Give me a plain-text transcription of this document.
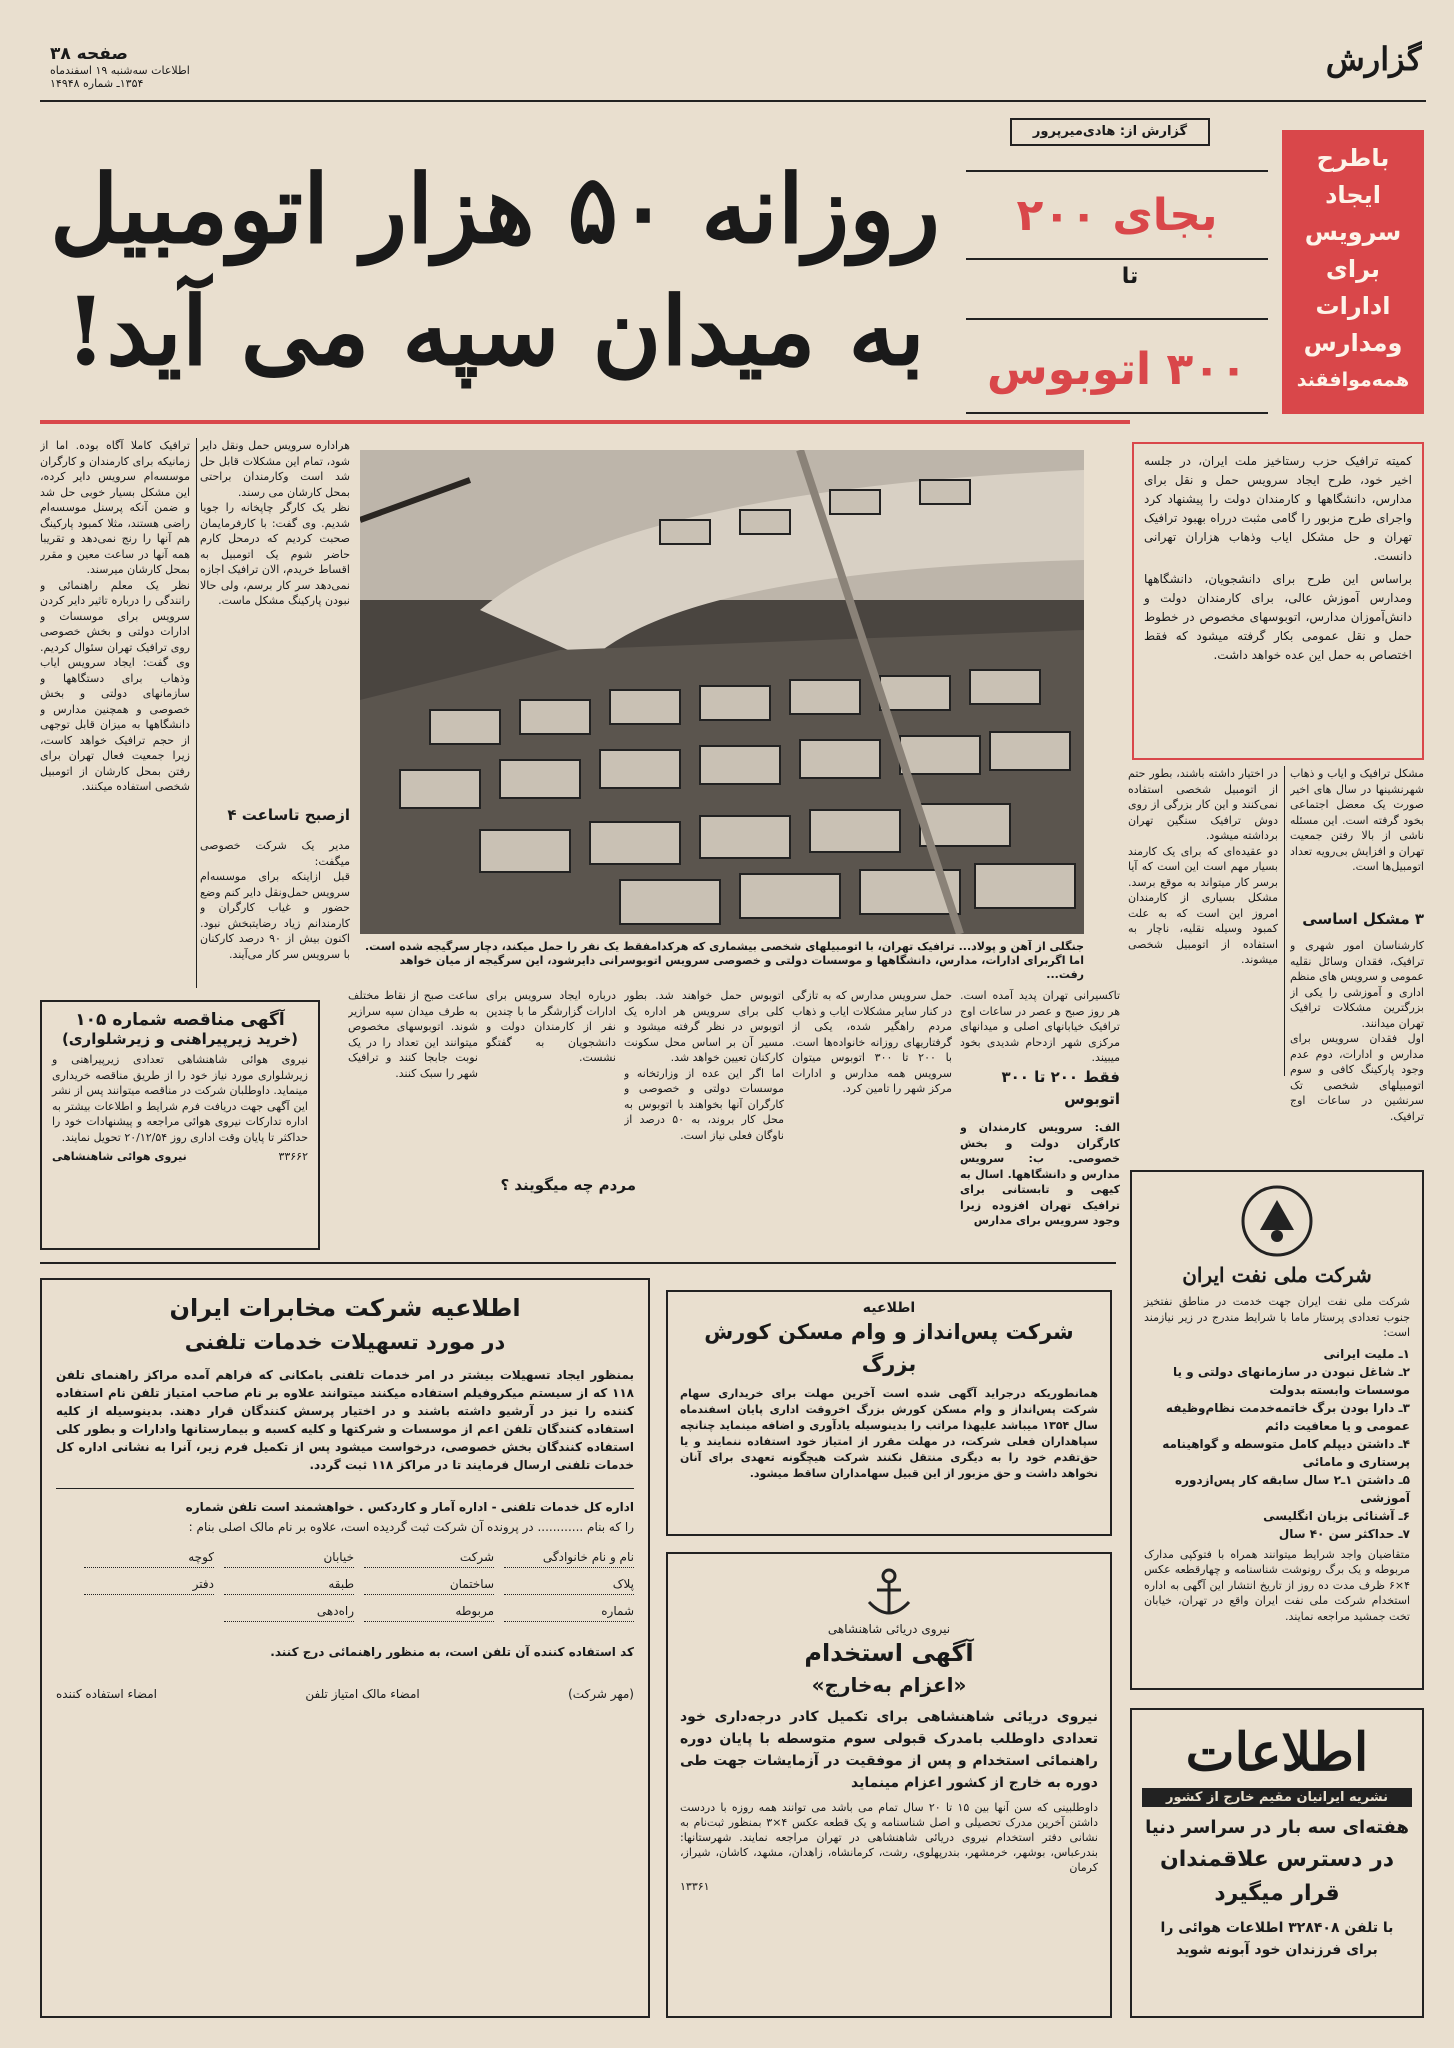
گزارش
صفحه ۳۸
اطلاعات سه‌شنبه ۱۹ اسفندماه
۱۳۵۴ـ شماره ۱۴۹۴۸
روزانه ۵۰ هزار اتومبیل
به میدان سپه می آید!
گزارش از: هادی‌میرپرور
بجای ۲۰۰
تا
۳۰۰ اتوبوس
باطرح
ایجاد
سرویس
برای
ادارات
ومدارس
همه‌موافقند

کمیته ترافیک حزب رستاخیز ملت ایران، در جلسه اخیر خود، طرح ایجاد سرویس حمل و نقل برای مدارس، دانشگاهها و کارمندان دولت را پیشنهاد کرد واجرای طرح مزبور را گامی مثبت درراه بهبود ترافیک تهران و حل مشکل ایاب وذهاب هزاران تهرانی دانست.

براساس این طرح برای دانشجویان، دانشگاهها ومدارس آموزش عالی، برای کارمندان دولت و دانش‌آموزان مدارس، اتوبوسهای مخصوص در خطوط حمل و نقل عمومی بکار گرفته میشود که فقط اختصاص به حمل این عده خواهد داشت.

جنگلی از آهن و پولاد... ترافیک تهران، با اتومبیلهای شخصی بیشماری که هرکدامفقط یک نفر را حمل میکند، دچار سرگیجه شده است. اما اگربرای ادارات، مدارس، دانشگاهها و موسسات دولتی و خصوصی سرویس اتوبوسرانی دایرشود، این سرگیجه از میان خواهد رفت...
ترافیک کاملا آگاه بوده. اما از زمانیکه برای کارمندان و کارگران موسسه‌ام سرویس دایر کرده، این مشکل بسیار خوبی حل شد و ضمن آنکه پرسنل موسسه‌ام راضی هستند، مثلا کمبود پارکینگ هم آنها را رنج نمی‌دهد و تقریبا همه آنها در ساعت معین و مقرر بمحل کارشان میرسند.
نظر یک معلم راهنمائی و رانندگی را درباره تاثیر دایر کردن سرویس برای موسسات و ادارات دولتی و بخش خصوصی روی ترافیک تهران سئوال کردیم. وی گفت: ایجاد سرویس ایاب وذهاب برای دستگاهها و سازمانهای دولتی و بخش خصوصی و همچنین مدارس و دانشگاهها به میزان قابل توجهی از حجم ترافیک خواهد کاست، زیرا جمعیت فعال تهران برای رفتن بمحل کارشان از اتومبیل شخصی استفاده میکنند.
هراداره سرویس حمل ونقل دایر شود، تمام این مشکلات قابل حل شد است وکارمندان براحتی بمحل کارشان می رسند.
نظر یک کارگر چاپخانه را جویا شدیم. وی گفت: با کارفرمایمان صحبت کردیم که درمحل کارم حاضر شوم یک اتومبیل به اقساط خریدم، الان ترافیک اجازه نمی‌دهد سر کار برسم، ولی حالا نبودن پارکینگ مشکل ماست.
ازصبح تاساعت ۴
مدیر یک شرکت خصوصی میگفت:
قبل ازاینکه برای موسسه‌ام سرویس حمل‌ونقل دایر کنم وضع حضور و غیاب کارگران و کارمندانم زیاد رضایتبخش نبود. اکنون بیش از ۹۰ درصد کارکنان با سرویس سر کار می‌آیند.
در اختیار داشته باشند، بطور حتم از اتومبیل شخصی استفاده نمی‌کنند و این کار بزرگی از روی دوش ترافیک سنگین تهران برداشته میشود.
دو عقیده‌ای که برای یک کارمند بسیار مهم است این است که آیا برسر کار میتواند به موقع برسد. مشکل بسیاری از کارمندان امروز این است که به علت کمبود وسیله نقلیه، ناچار به استفاده از اتومبیل شخصی میشوند.
مشکل ترافیک و ایاب و ذهاب شهرنشینها در سال های اخیر صورت یک معضل اجتماعی بخود گرفته است. این مسئله ناشی از بالا رفتن جمعیت تهران و افزایش بی‌رویه تعداد اتومبیل‌ها است.
۳ مشکل اساسی
کارشناسان امور شهری و ترافیک، فقدان وسائل نقلیه عمومی و سرویس های منظم اداری و آموزشی را یکی از بزرگترین مشکلات ترافیک تهران میدانند.
اول فقدان سرویس برای مدارس و ادارات، دوم عدم وجود پارکینگ کافی و سوم اتومبیلهای شخصی تک سرنشین در ساعات اوج ترافیک.
ساعت صبح از نقاط مختلف به طرف میدان سپه سرازیر شوند. اتوبوسهای مخصوص میتوانند این تعداد را در یک نوبت جابجا کنند و ترافیک شهر را سبک کنند.
درباره ایجاد سرویس برای ادارات گزارشگر ما با چندین نفر از کارمندان دولت و دانشجویان به گفتگو نشست.
مردم چه میگویند ؟
اتوبوس حمل خواهند شد. بطور کلی برای سرویس هر اداره یک اتوبوس در نظر گرفته میشود و مسیر آن بر اساس محل سکونت کارکنان تعیین خواهد شد.
اما اگر این عده از وزارتخانه و موسسات دولتی و خصوصی و کارگران آنها بخواهند با اتوبوس به محل کار بروند، به ۵۰ درصد از ناوگان فعلی نیاز است.
تاکسیرانی تهران پدید آمده است. هر روز صبح و عصر در ساعات اوج ترافیک خیابانهای اصلی و میدانهای مرکزی شهر ازدحام شدیدی بخود میبیند.
فقط ۲۰۰ تا ۳۰۰ اتوبوس
حمل سرویس مدارس که به تازگی در کنار سایر مشکلات ایاب و ذهاب مردم راهگیر شده، یکی از گرفتاریهای روزانه خانواده‌ها است. با ۲۰۰ تا ۳۰۰ اتوبوس میتوان سرویس همه مدارس و ادارات مرکز شهر را تامین کرد.
الف: سرویس کارمندان و کارگران دولت و بخش خصوصی. ب: سرویس مدارس و دانشگاهها. اسال به کیهی و تابستانی برای ترافیک تهران افزوده زیرا وجود سرویس برای مدارس
آگهی مناقصه شماره ۱۰۵
(خرید زیرپیراهنی و زیرشلواری)
نیروی هوائی شاهنشاهی تعدادی زیرپیراهنی و زیرشلواری مورد نیاز خود را از طریق مناقصه خریداری مینماید. داوطلبان شرکت در مناقصه میتوانند پس از نشر این آگهی جهت دریافت فرم شرایط و اطلاعات بیشتر به اداره تدارکات نیروی هوائی مراجعه و پیشنهادات خود را حداکثر تا پایان وقت اداری روز ۲۰/۱۲/۵۴ تحویل نمایند.
۳۳۶۶۲
نیروی هوائی شاهنشاهی
اطلاعیه شرکت مخابرات ایران
در مورد تسهیلات خدمات تلفنی
بمنظور ایجاد تسهیلات بیشتر در امر خدمات تلفنی بامکانی که فراهم آمده مراکز راهنمای تلفن ۱۱۸ که از سیستم میکروفیلم استفاده میکنند میتوانند علاوه بر نام صاحب امتیاز تلفن نام استفاده کننده را نیز در آرشیو داشته باشند و در اختیار پرسش کنندگان قرار دهند. بدینوسیله از کلیه استفاده کنندگان تلفن اعم از موسسات و شرکتها و کلیه کسبه و بیمارستانها وادارات و بطور کلی استفاده کنندگان بخش خصوصی، درخواست میشود پس از تکمیل فرم زیر، آنرا به نشانی اداره کل خدمات تلفنی ارسال فرمایند تا در مراکز ۱۱۸ ثبت گردد.
اداره کل خدمات تلفنی - اداره آمار و کاردکس . خواهشمند است تلفن شماره
را که بنام ............ در پرونده آن شرکت ثبت گردیده است، علاوه بر نام مالک اصلی بنام :
نام و نام خانوادگی
شرکت
خیابان
کوچه
پلاک
ساختمان
طبقه
دفتر
شماره
مربوطه
راه‌دهی
کد استفاده کننده آن تلفن است، به منظور راهنمائی درج کنند.
(مهر شرکت)
امضاء مالک امتیاز تلفن
امضاء استفاده کننده
اطلاعیه
شرکت پس‌انداز و وام مسکن کورش بزرگ
همانطوریکه درجراید آگهی شده است آخرین مهلت برای خریداری سهام شرکت پس‌انداز و وام مسکن کورش بزرگ اخروقت اداری پایان اسفندماه سال ۱۳۵۴ میباشد علیهذا مراتب را بدینوسیله یادآوری و اضافه مینماید چنانچه سپاهداران فعلی شرکت، در مهلت مقرر از امتیاز خود استفاده ننمایند و یا حق‌تقدم خود را به دیگری منتقل نکنند شرکت هیچگونه تعهدی برای آنان نخواهد داشت و حق مزبور از این قبیل سهامداران ساقط میشود.
نیروی دریائی شاهنشاهی
آگهی استخدام
«اعزام به‌خارج»
نیروی دریائی شاهنشاهی برای تکمیل کادر درجه‌داری خود تعدادی داوطلب بامدرک قبولی سوم متوسطه با پایان دوره راهنمائی استخدام و پس از موفقیت در آزمایشات جهت طی دوره به خارج از کشور اعزام مینماید
داوطلبینی که سن آنها بین ۱۵ تا ۲۰ سال تمام می باشد می توانند همه روزه با دردست داشتن آخرین مدرک تحصیلی و اصل شناسنامه و یک قطعه عکس ۴×۳ بمنظور ثبت‌نام به نشانی دفتر استخدام نیروی دریائی شاهنشاهی در تهران مراجعه نمایند. شهرستانها: بندرعباس، بوشهر، خرمشهر، بندرپهلوی، رشت، کرمانشاه، زاهدان، مشهد، کاشان، شیراز، کرمان
۱۳۳۶۱
شرکت ملی نفت ایران
شرکت ملی نفت ایران جهت خدمت در مناطق نفتخیز جنوب تعدادی پرستار ماما با شرایط مندرج در زیر نیازمند است:
۱ـ ملیت ایرانی
۲ـ شاغل نبودن در سازمانهای دولتی و یا موسسات وابسته بدولت
۳ـ دارا بودن برگ خاتمه‌خدمت نظام‌وظیفه عمومی و یا معافیت دائم
۴ـ داشتن دیپلم کامل متوسطه و گواهینامه پرستاری و مامائی
۵ـ داشتن ۱ـ۲ سال سابقه کار پس‌ازدوره آموزشی
۶ـ آشنائی بزبان انگلیسی
۷ـ حداکثر سن ۴۰ سال
متقاضیان واجد شرایط میتوانند همراه با فتوکپی مدارک مربوطه و یک برگ رونوشت شناسنامه و چهارقطعه عکس ۴×۶ ظرف مدت ده روز از تاریخ انتشار این آگهی به اداره استخدام شرکت ملی نفت ایران واقع در تهران، خیابان تخت جمشید مراجعه نمایند.
اطلاعات
نشریه ایرانیان مقیم خارج از کشور
هفته‌ای سه بار در سراسر دنیا
در دسترس علاقمندان
قرار میگیرد
با تلفن ۳۲۸۴۰۸ اطلاعات هوائی را
برای فرزندان خود آبونه شوید
